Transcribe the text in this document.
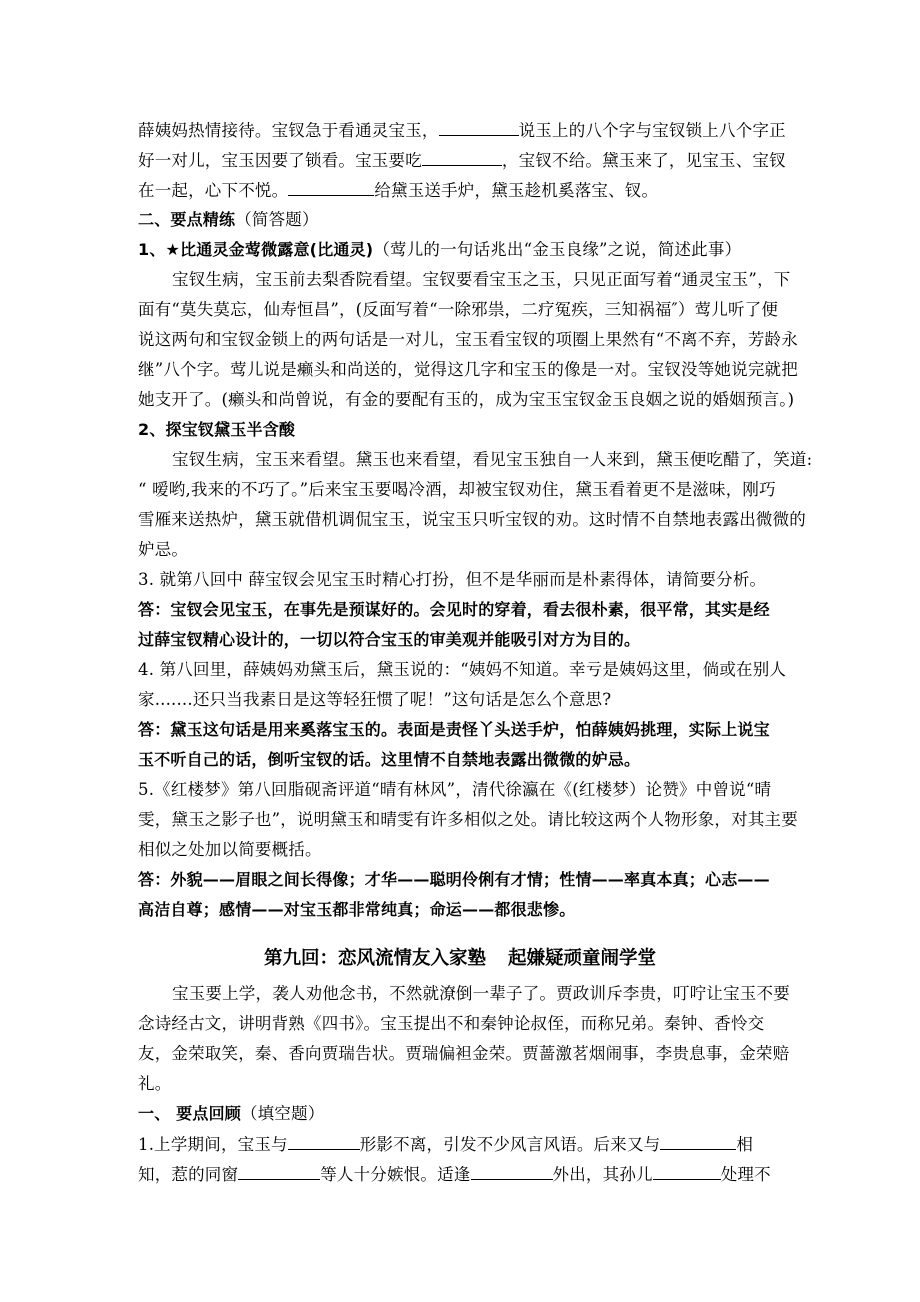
薛姨妈热情接待。宝钗急于看通灵宝玉，	说玉上的八个字与宝钗锁上八个字正
好一对儿，宝玉因要了锁看。宝玉要吃	，宝钗不给。黛玉来了，见宝玉、宝钗
在一起，心下不悦。	给黛玉送手炉，黛玉趁机奚落宝、钗。
二、要点精练（简答题）
1、★比通灵金莺微露意(比通灵)（莺儿的一句话兆出“金玉良缘”之说，简述此事）
宝钗生病，宝玉前去梨香院看望。宝钗要看宝玉之玉，只见正面写着“通灵宝玉”，下
面有“莫失莫忘，仙寿恒昌”，(反面写着“一除邪祟，二疗冤疾，三知祸福″）莺儿听了便
说这两句和宝钗金锁上的两句话是一对儿，宝玉看宝钗的项圈上果然有“不离不弃，芳龄永
继”八个字。莺儿说是癞头和尚送的，觉得这几字和宝玉的像是一对。宝钗没等她说完就把
她支开了。(癞头和尚曾说，有金的要配有玉的，成为宝玉宝钗金玉良姻之说的婚姻预言。)
2、探宝钗黛玉半含酸
宝钗生病，宝玉来看望。黛玉也来看望，看见宝玉独自一人来到，黛玉便吃醋了，笑道:
“ 嗳哟,我来的不巧了。”后来宝玉要喝冷酒，却被宝钗劝住，黛玉看着更不是滋味，刚巧
雪雁来送热炉，黛玉就借机调侃宝玉，说宝玉只听宝钗的劝。这时情不自禁地表露出微微的
妒忌。
3. 就第八回中 薛宝钗会见宝玉时精心打扮，但不是华丽而是朴素得体，请简要分析。
答：宝钗会见宝玉，在事先是预谋好的。会见时的穿着，看去很朴素，很平常，其实是经
过薛宝钗精心设计的，一切以符合宝玉的审美观并能吸引对方为目的。
4. 第八回里，薛姨妈劝黛玉后，黛玉说的：“姨妈不知道。幸亏是姨妈这里，倘或在别人
家.......还只当我素日是这等轻狂惯了呢！”这句话是怎么个意思?
答：黛玉这句话是用来奚落宝玉的。表面是责怪丫头送手炉，怕薛姨妈挑理，实际上说宝
玉不听自己的话，倒听宝钗的话。这里情不自禁地表露出微微的妒忌。
5.《红楼梦》第八回脂砚斋评道“晴有林风”，清代徐瀛在《(红楼梦）论赞》中曾说“晴
雯，黛玉之影子也”，说明黛玉和晴雯有许多相似之处。请比较这两个人物形象，对其主要
相似之处加以简要概括。
答：外貌——眉眼之间长得像；才华——聪明伶俐有才情；性情——率真本真；心志——
高洁自尊；感情——对宝玉都非常纯真；命运——都很悲惨。
第九回：恋风流情友入家塾 起嫌疑顽童闹学堂
宝玉要上学，袭人劝他念书，不然就潦倒一辈子了。贾政训斥李贵，叮咛让宝玉不要
念诗经古文，讲明背熟《四书》。宝玉提出不和秦钟论叔侄，而称兄弟。秦钟、香怜交
友，金荣取笑，秦、香向贾瑞告状。贾瑞偏袒金荣。贾蔷激茗烟闹事，李贵息事，金荣赔
礼。
一、 要点回顾（填空题）
1.上学期间，宝玉与	形影不离，引发不少风言风语。后来又与	相
知，惹的同窗	等人十分嫉恨。适逢	外出，其孙儿	处理不
